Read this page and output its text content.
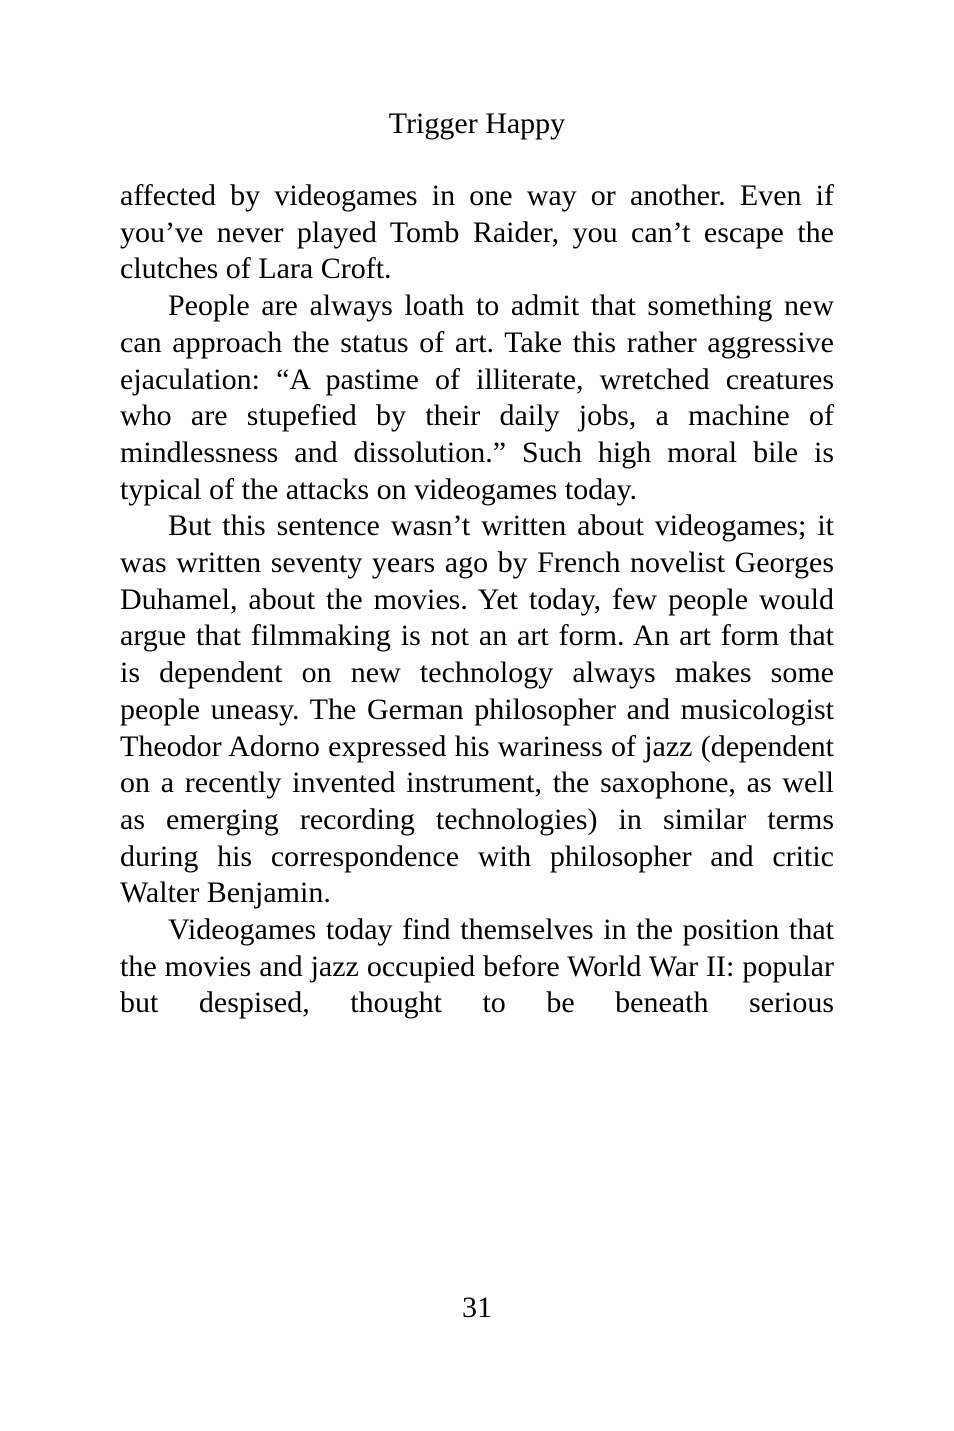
Trigger Happy

affected by videogames in one way or another. Even if you’ve never played Tomb Raider, you can’t escape the clutches of Lara Croft.

People are always loath to admit that something new can approach the status of art. Take this rather aggressive ejaculation: “A pastime of illiterate, wretched creatures who are stupefied by their daily jobs, a machine of mindlessness and dissolution.” Such high moral bile is typical of the attacks on videogames today.

But this sentence wasn’t written about videogames; it was written seventy years ago by French novelist Georges Duhamel, about the movies. Yet today, few people would argue that filmmaking is not an art form. An art form that is dependent on new technology always makes some people uneasy. The German philosopher and musicologist Theodor Adorno expressed his wariness of jazz (dependent on a recently invented instrument, the saxophone, as well as emerging recording technologies) in similar terms during his correspondence with philosopher and critic Walter Benjamin.

Videogames today find themselves in the position that the movies and jazz occupied before World War II: popular but despised, thought to be beneath serious

31
